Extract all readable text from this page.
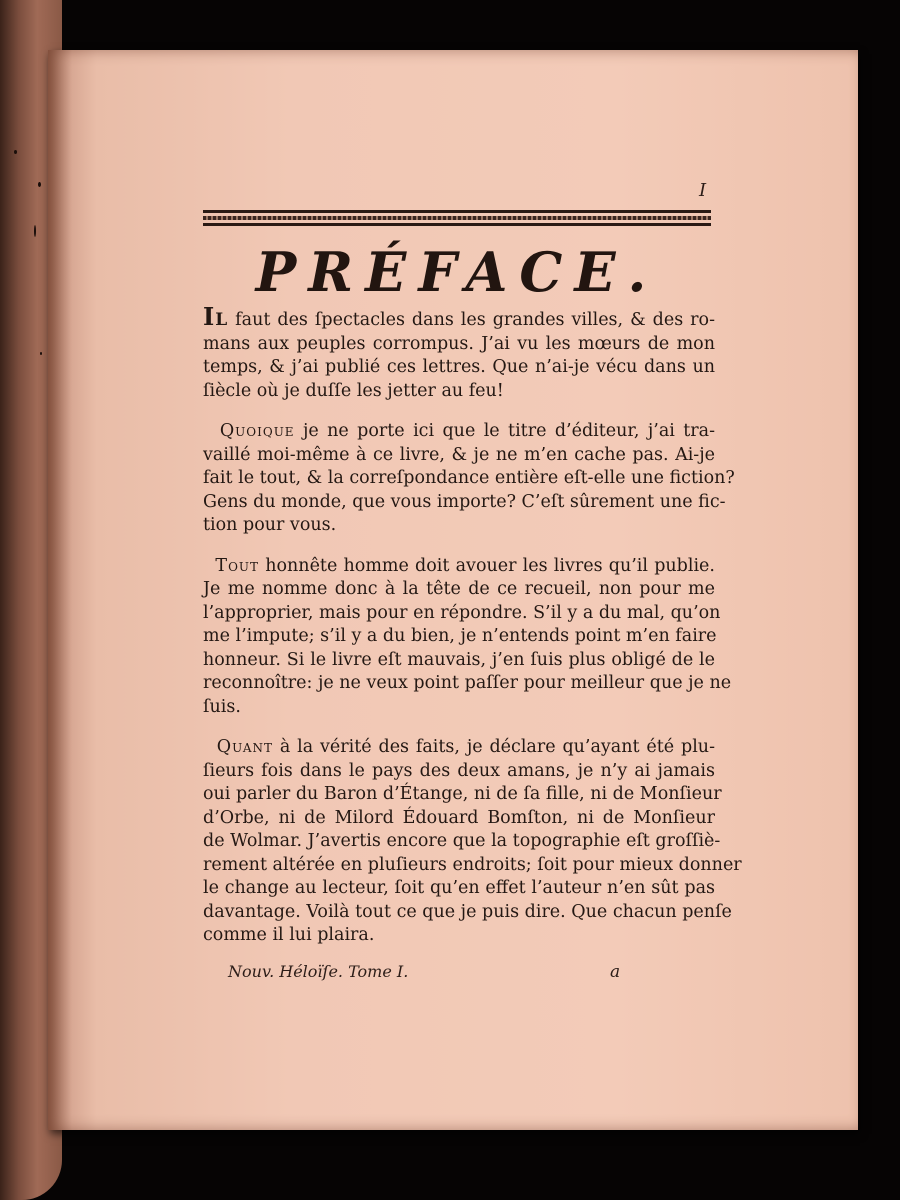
I
PRÉFACE.

Il faut des ſpectacles dans les grandes villes, & des ro-
mans aux peuples corrompus. J’ai vu les mœurs de mon
temps, & j’ai publié ces lettres. Que n’ai-je vécu dans un
ſiècle où je duſſe les jetter au feu!

Quoique je ne porte ici que le titre d’éditeur, j’ai tra-
vaillé moi-même à ce livre, & je ne m’en cache pas. Ai-je
fait le tout, & la correſpondance entière eſt-elle une fiction?
Gens du monde, que vous importe? C’eſt sûrement une fic-
tion pour vous.

Tout honnête homme doit avouer les livres qu’il publie.
Je me nomme donc à la tête de ce recueil, non pour me
l’approprier, mais pour en répondre. S’il y a du mal, qu’on
me l’impute; s’il y a du bien, je n’entends point m’en faire
honneur. Si le livre eſt mauvais, j’en ſuis plus obligé de le
reconnoître: je ne veux point paſſer pour meilleur que je ne
ſuis.

Quant à la vérité des faits, je déclare qu’ayant été plu-
ſieurs fois dans le pays des deux amans, je n’y ai jamais
oui parler du Baron d’Étange, ni de ſa fille, ni de Monſieur
d’Orbe, ni de Milord Édouard Bomſton, ni de Monſieur
de Wolmar. J’avertis encore que la topographie eſt groſſiè-
rement altérée en pluſieurs endroits; ſoit pour mieux donner
le change au lecteur, ſoit qu’en effet l’auteur n’en sût pas
davantage. Voilà tout ce que je puis dire. Que chacun penſe
comme il lui plaira.

Nouv. Héloïſe. Tome I.	a
